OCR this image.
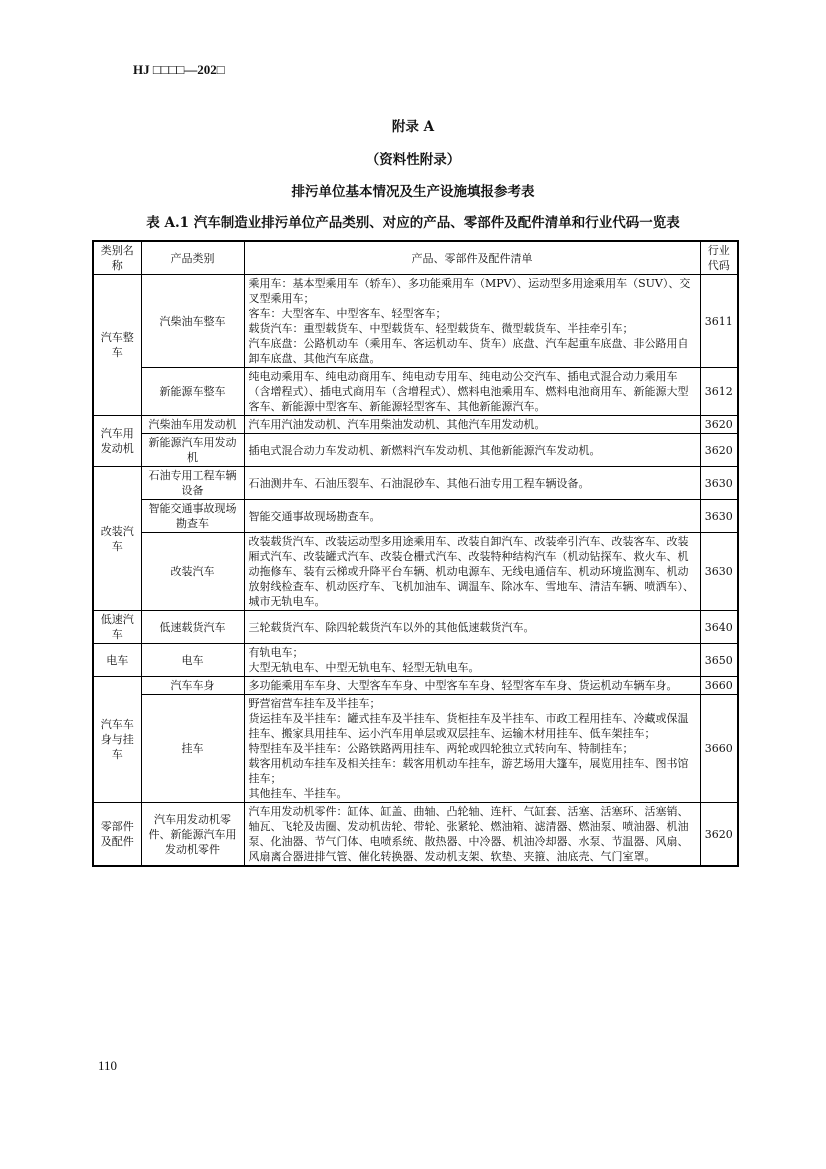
HJ □□□□—202□
附录 A
（资料性附录）
排污单位基本情况及生产设施填报参考表
表 A.1 汽车制造业排污单位产品类别、对应的产品、零部件及配件清单和行业代码一览表
类别名称	产品类别	产品、零部件及配件清单	行业代码
汽车整车	汽柴油车整车	乘用车：基本型乘用车（轿车）、多功能乘用车（MPV）、运动型多用途乘用车（SUV）、交叉型乘用车；
客车：大型客车、中型客车、轻型客车；
载货汽车：重型载货车、中型载货车、轻型载货车、微型载货车、半挂牵引车；
汽车底盘：公路机动车（乘用车、客运机动车、货车）底盘、汽车起重车底盘、非公路用自卸车底盘、其他汽车底盘。	3611
	新能源车整车	纯电动乘用车、纯电动商用车、纯电动专用车、纯电动公交汽车、插电式混合动力乘用车（含增程式）、插电式商用车（含增程式）、燃料电池乘用车、燃料电池商用车、新能源大型客车、新能源中型客车、新能源轻型客车、其他新能源汽车。	3612
汽车用发动机	汽柴油车用发动机	汽车用汽油发动机、汽车用柴油发动机、其他汽车用发动机。	3620
	新能源汽车用发动机	插电式混合动力车发动机、新燃料汽车发动机、其他新能源汽车发动机。	3620
改装汽车	石油专用工程车辆设备	石油测井车、石油压裂车、石油混砂车、其他石油专用工程车辆设备。	3630
	智能交通事故现场勘查车	智能交通事故现场勘查车。	3630
	改装汽车	改装载货汽车、改装运动型多用途乘用车、改装自卸汽车、改装牵引汽车、改装客车、改装厢式汽车、改装罐式汽车、改装仓栅式汽车、改装特种结构汽车（机动钻探车、救火车、机动拖修车、装有云梯或升降平台车辆、机动电源车、无线电通信车、机动环境监测车、机动放射线检查车、机动医疗车、飞机加油车、调温车、除冰车、雪地车、清洁车辆、喷洒车）、城市无轨电车。	3630
低速汽车	低速载货汽车	三轮载货汽车、除四轮载货汽车以外的其他低速载货汽车。	3640
电车	电车	有轨电车；
大型无轨电车、中型无轨电车、轻型无轨电车。	3650
汽车车身与挂车	汽车车身	多功能乘用车车身、大型客车车身、中型客车车身、轻型客车车身、货运机动车辆车身。	3660
	挂车	野营宿营车挂车及半挂车；
货运挂车及半挂车：罐式挂车及半挂车、货柜挂车及半挂车、市政工程用挂车、冷藏或保温挂车、搬家具用挂车、运小汽车用单层或双层挂车、运输木材用挂车、低车架挂车；
特型挂车及半挂车：公路铁路两用挂车、两轮或四轮独立式转向车、特制挂车；
载客用机动车挂车及相关挂车：载客用机动车挂车，游艺场用大篷车，展览用挂车、图书馆挂车；
其他挂车、半挂车。	3660
零部件及配件	汽车用发动机零件、新能源汽车用发动机零件	汽车用发动机零件：缸体、缸盖、曲轴、凸轮轴、连杆、气缸套、活塞、活塞环、活塞销、轴瓦、飞轮及齿圈、发动机齿轮、带轮、张紧轮、燃油箱、滤清器、燃油泵、喷油器、机油泵、化油器、节气门体、电喷系统、散热器、中冷器、机油冷却器、水泵、节温器、风扇、风扇离合器进排气管、催化转换器、发动机支架、软垫、夹箍、油底壳、气门室罩。	3620
110
